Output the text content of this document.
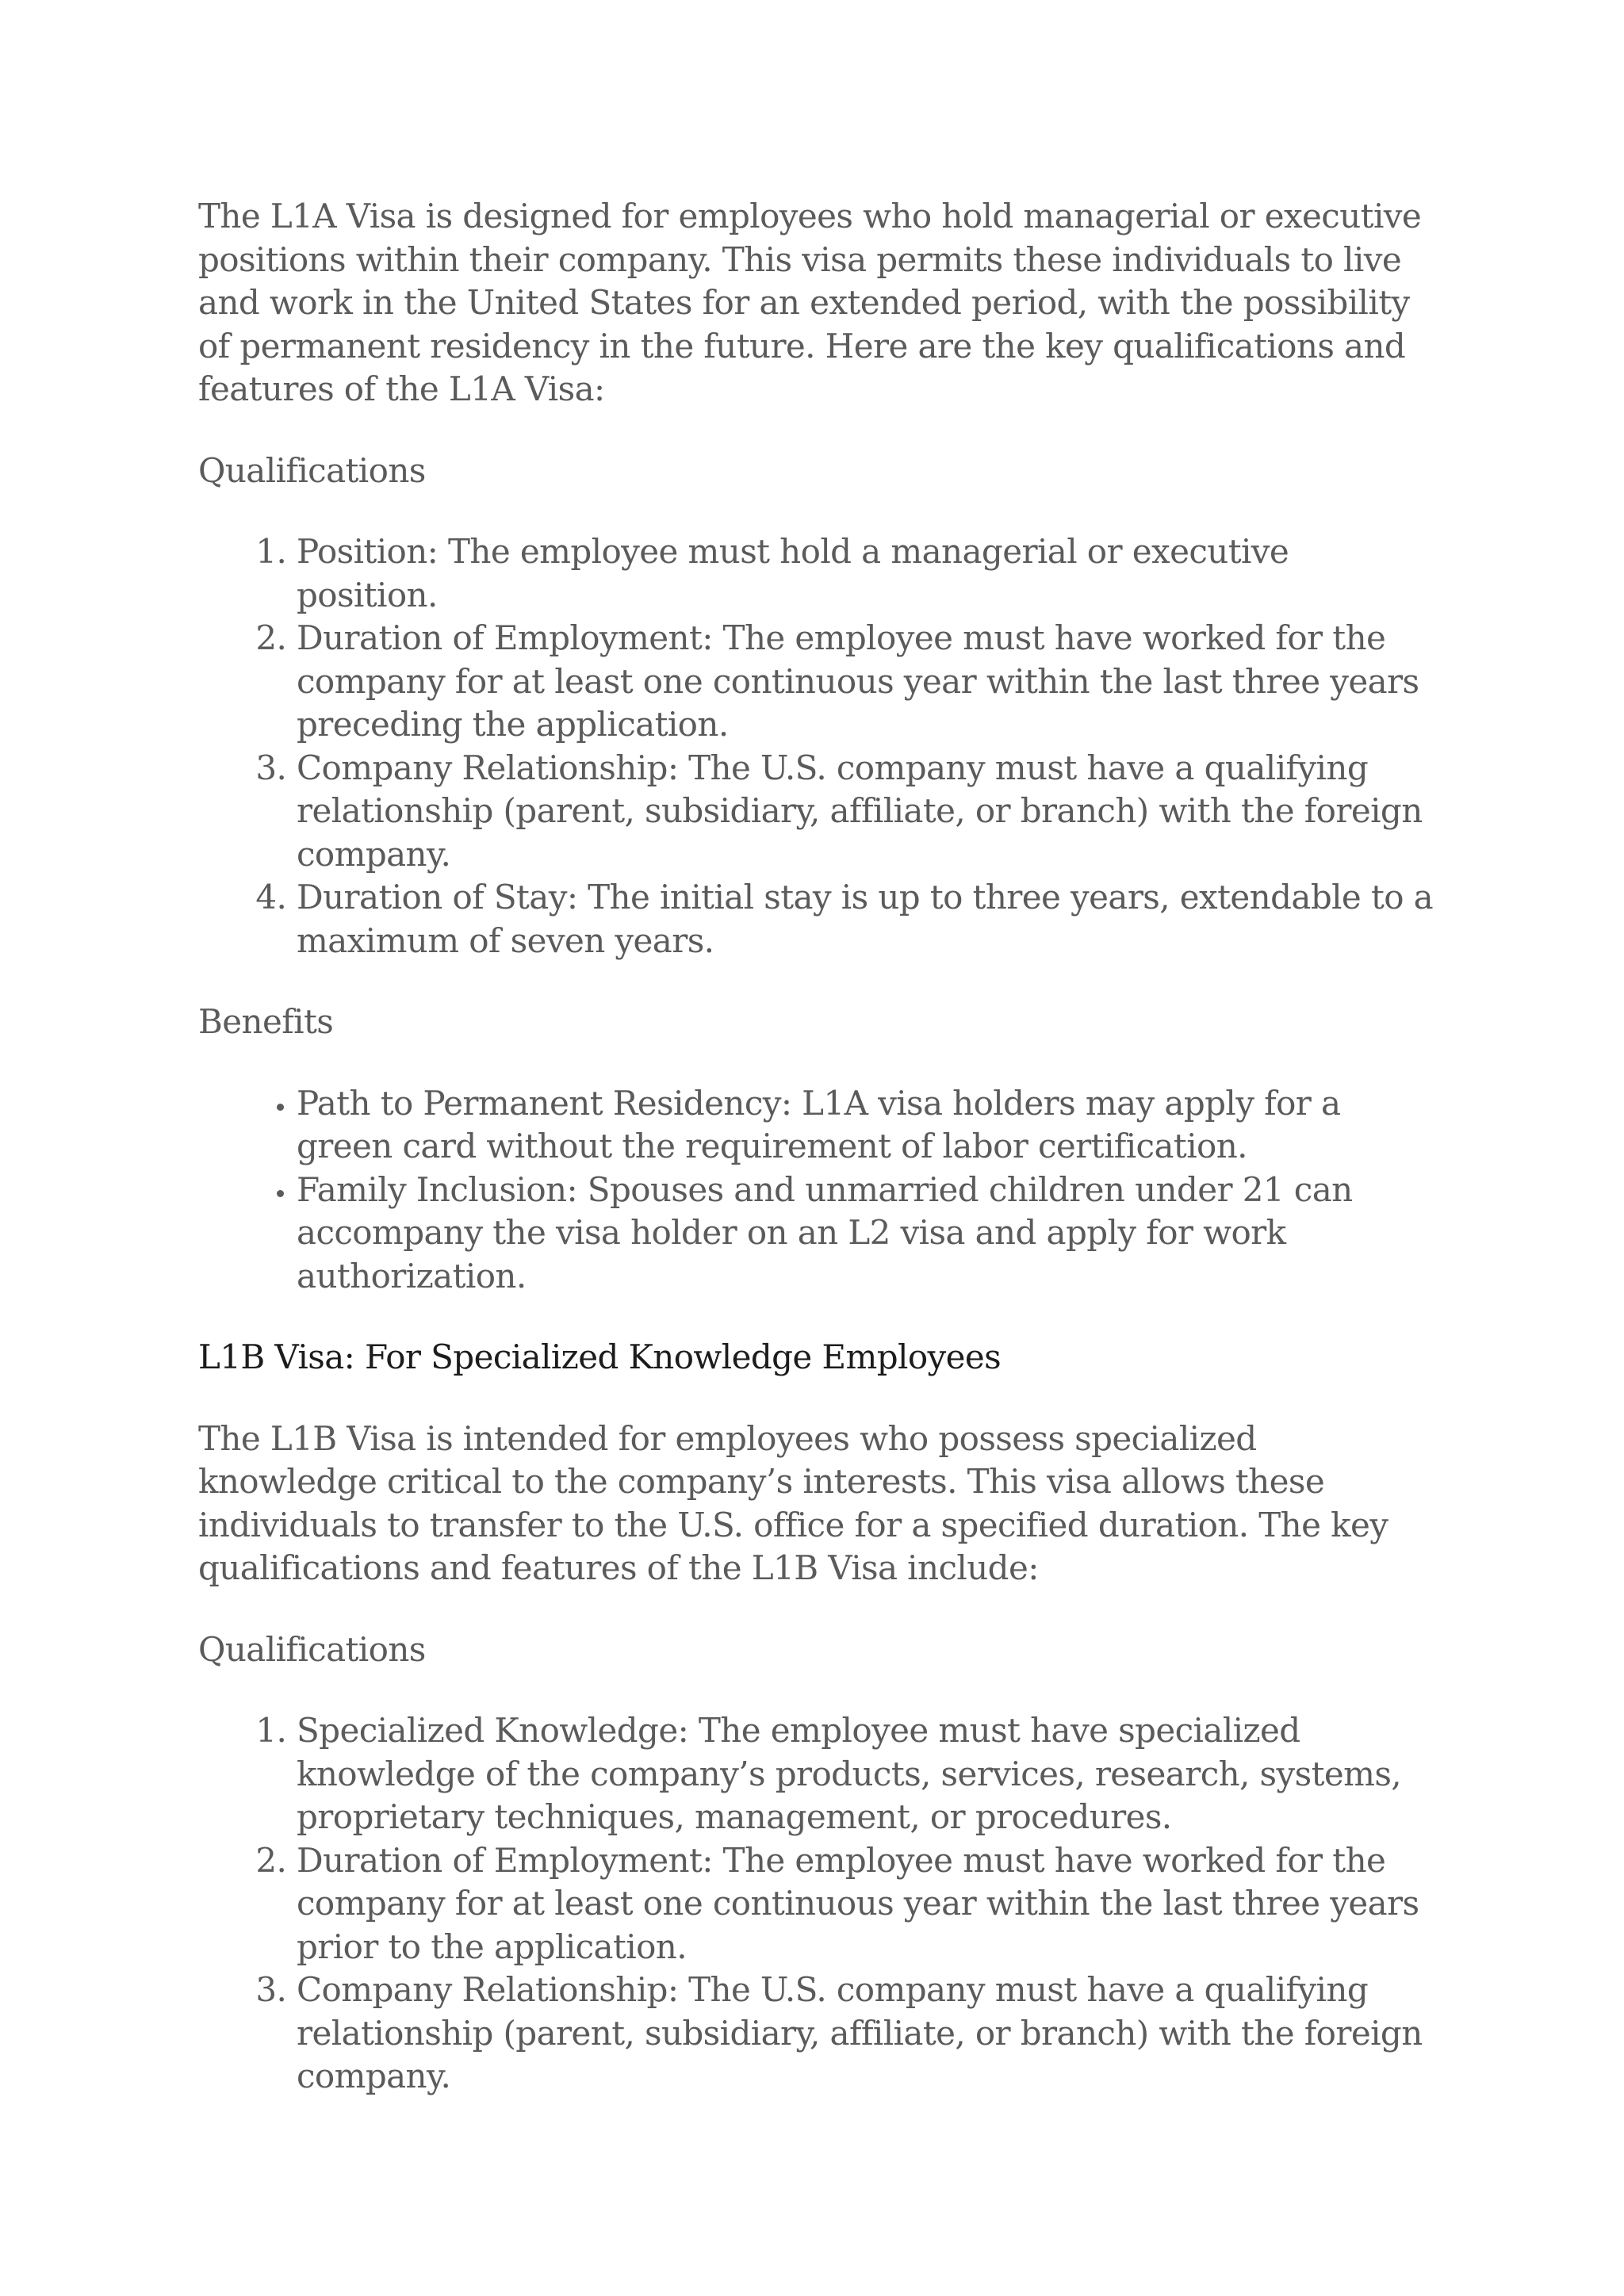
The L1A Visa is designed for employees who hold managerial or executive positions within their company. This visa permits these individuals to live and work in the United States for an extended period, with the possibility of permanent residency in the future. Here are the key qualifications and features of the L1A Visa:

Qualifications

1. Position: The employee must hold a managerial or executive position.
2. Duration of Employment: The employee must have worked for the company for at least one continuous year within the last three years preceding the application.
3. Company Relationship: The U.S. company must have a qualifying relationship (parent, subsidiary, affiliate, or branch) with the foreign company.
4. Duration of Stay: The initial stay is up to three years, extendable to a maximum of seven years.

Benefits

• Path to Permanent Residency: L1A visa holders may apply for a green card without the requirement of labor certification.
• Family Inclusion: Spouses and unmarried children under 21 can accompany the visa holder on an L2 visa and apply for work authorization.

L1B Visa: For Specialized Knowledge Employees

The L1B Visa is intended for employees who possess specialized knowledge critical to the company’s interests. This visa allows these individuals to transfer to the U.S. office for a specified duration. The key qualifications and features of the L1B Visa include:

Qualifications

1. Specialized Knowledge: The employee must have specialized knowledge of the company’s products, services, research, systems, proprietary techniques, management, or procedures.
2. Duration of Employment: The employee must have worked for the company for at least one continuous year within the last three years prior to the application.
3. Company Relationship: The U.S. company must have a qualifying relationship (parent, subsidiary, affiliate, or branch) with the foreign company.
